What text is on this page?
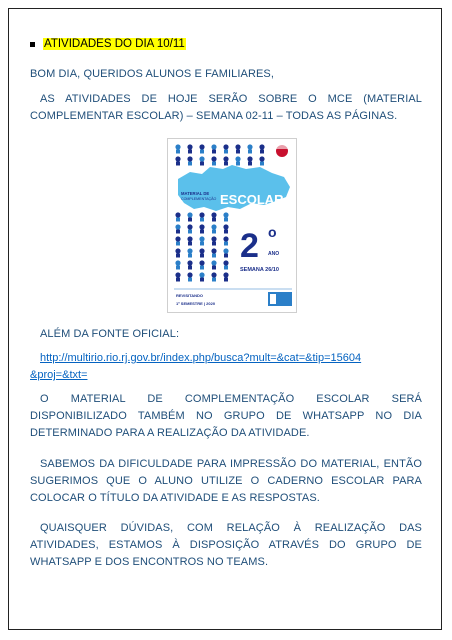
ATIVIDADES DO DIA 10/11
BOM DIA, QUERIDOS ALUNOS E FAMILIARES,
AS ATIVIDADES DE HOJE SERÃO SOBRE O MCE (MATERIAL COMPLEMENTAR ESCOLAR) – SEMANA 02-11 – TODAS AS PÁGINAS.
MATERIAL DE
COMPLEMENTAÇÃO ESCOLAR
2 o
ANO
SEMANA 26/10
REVISITANDO
1º SEMESTRE | 2020
ALÉM DA FONTE OFICIAL:
http://multirio.rio.rj.gov.br/index.php/busca?mult=&cat=&tip=15604
&proj=&txt=
O MATERIAL DE COMPLEMENTAÇÃO ESCOLAR SERÁ DISPONIBILIZADO TAMBÉM NO GRUPO DE WHATSAPP NO DIA DETERMINADO PARA A REALIZAÇÃO DA ATIVIDADE.
SABEMOS DA DIFICULDADE PARA IMPRESSÃO DO MATERIAL, ENTÃO SUGERIMOS QUE O ALUNO UTILIZE O CADERNO ESCOLAR PARA COLOCAR O TÍTULO DA ATIVIDADE E AS RESPOSTAS.
QUAISQUER DÚVIDAS, COM RELAÇÃO À REALIZAÇÃO DAS ATIVIDADES, ESTAMOS À DISPOSIÇÃO ATRAVÉS DO GRUPO DE WHATSAPP E DOS ENCONTROS NO TEAMS.
